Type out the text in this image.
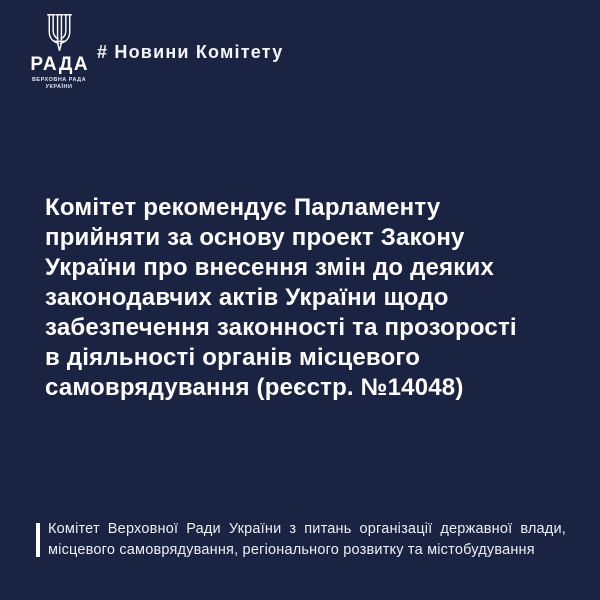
РАДА
ВЕРХОВНА РАДА
УКРАЇНИ
# Новини Комітету
Комітет рекомендує Парламенту
прийняти за основу проект Закону
України про внесення змін до деяких
законодавчих актів України щодо
забезпечення законності та прозорості
в діяльності органів місцевого
самоврядування (реєстр. №14048)
Комітет Верховної Ради України з питань організації державної влади,
місцевого самоврядування, регіонального розвитку та містобудування
